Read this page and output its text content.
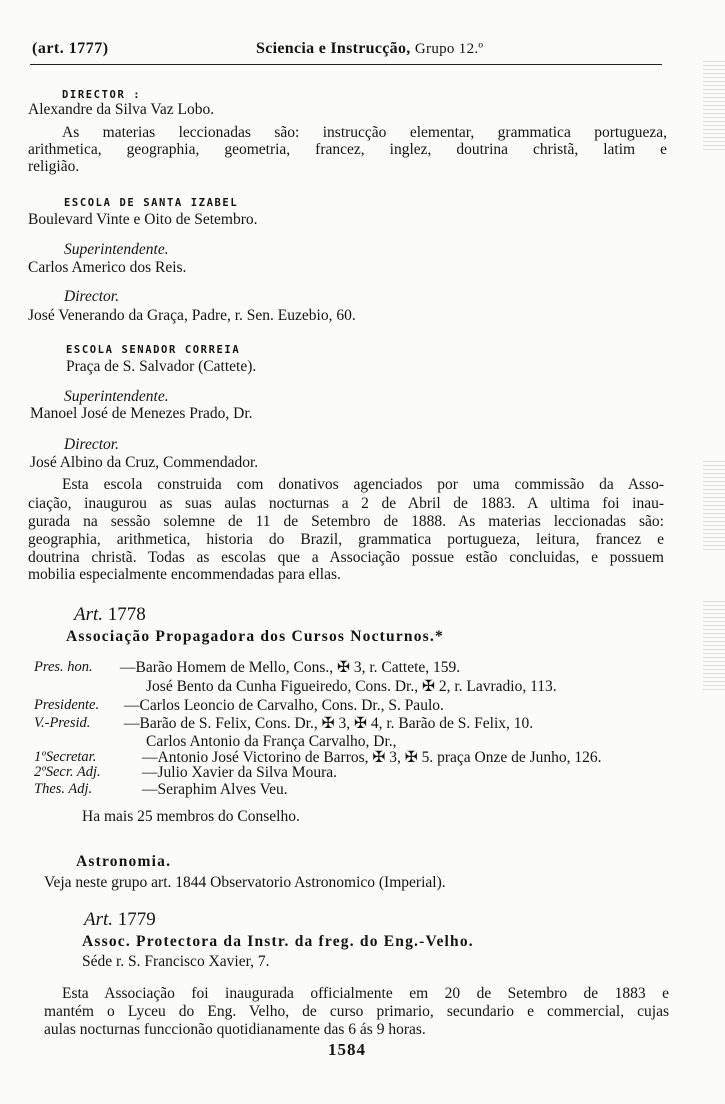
(art. 1777)	Sciencia e Instrucção, Grupo 12.º
DIRECTOR :
Alexandre da Silva Vaz Lobo.
As materias leccionadas são: instrucção elementar, grammatica portugueza,
arithmetica, geographia, geometria, francez, inglez, doutrina christã, latim e
religião.
ESCOLA DE SANTA IZABEL
Boulevard Vinte e Oito de Setembro.
Superintendente.
Carlos Americo dos Reis.
Director.
José Venerando da Graça, Padre, r. Sen. Euzebio, 60.
ESCOLA SENADOR CORREIA
Praça de S. Salvador (Cattete).
Superintendente.
Manoel José de Menezes Prado, Dr.
Director.
José Albino da Cruz, Commendador.
Esta escola construida com donativos agenciados por uma commissão da Asso-
ciação, inaugurou as suas aulas nocturnas a 2 de Abril de 1883. A ultima foi inau-
gurada na sessão solemne de 11 de Setembro de 1888. As materias leccionadas são:
geographia, arithmetica, historia do Brazil, grammatica portugueza, leitura, francez e
doutrina christã. Todas as escolas que a Associação possue estão concluidas, e possuem
mobilia especialmente encommendadas para ellas.
Art. 1778
Associação Propagadora dos Cursos Nocturnos.*
—Barão Homem de Mello, Cons., ✠ 3, r. Cattete, 159.
José Bento da Cunha Figueiredo, Cons. Dr., ✠ 2, r. Lavradio, 113.
—Carlos Leoncio de Carvalho, Cons. Dr., S. Paulo.
—Barão de S. Felix, Cons. Dr., ✠ 3, ✠ 4, r. Barão de S. Felix, 10.
Carlos Antonio da França Carvalho, Dr.,
—Antonio José Victorino de Barros, ✠ 3, ✠ 5. praça Onze de Junho, 126.
—Julio Xavier da Silva Moura.
—Seraphim Alves Veu.
Ha mais 25 membros do Conselho.
Astronomia.
Veja neste grupo art. 1844 Observatorio Astronomico (Imperial).
Art. 1779
Assoc. Protectora da Instr. da freg. do Eng.-Velho.
Séde r. S. Francisco Xavier, 7.
Esta Associação foi inaugurada officialmente em 20 de Setembro de 1883 e
mantém o Lyceu do Eng. Velho, de curso primario, secundario e commercial, cujas
aulas nocturnas funccionão quotidianamente das 6 ás 9 horas.
Pres. hon.
Presidente.
V.-Presid.
1ºSecretar.
2ºSecr. Adj.
Thes. Adj.
1584
